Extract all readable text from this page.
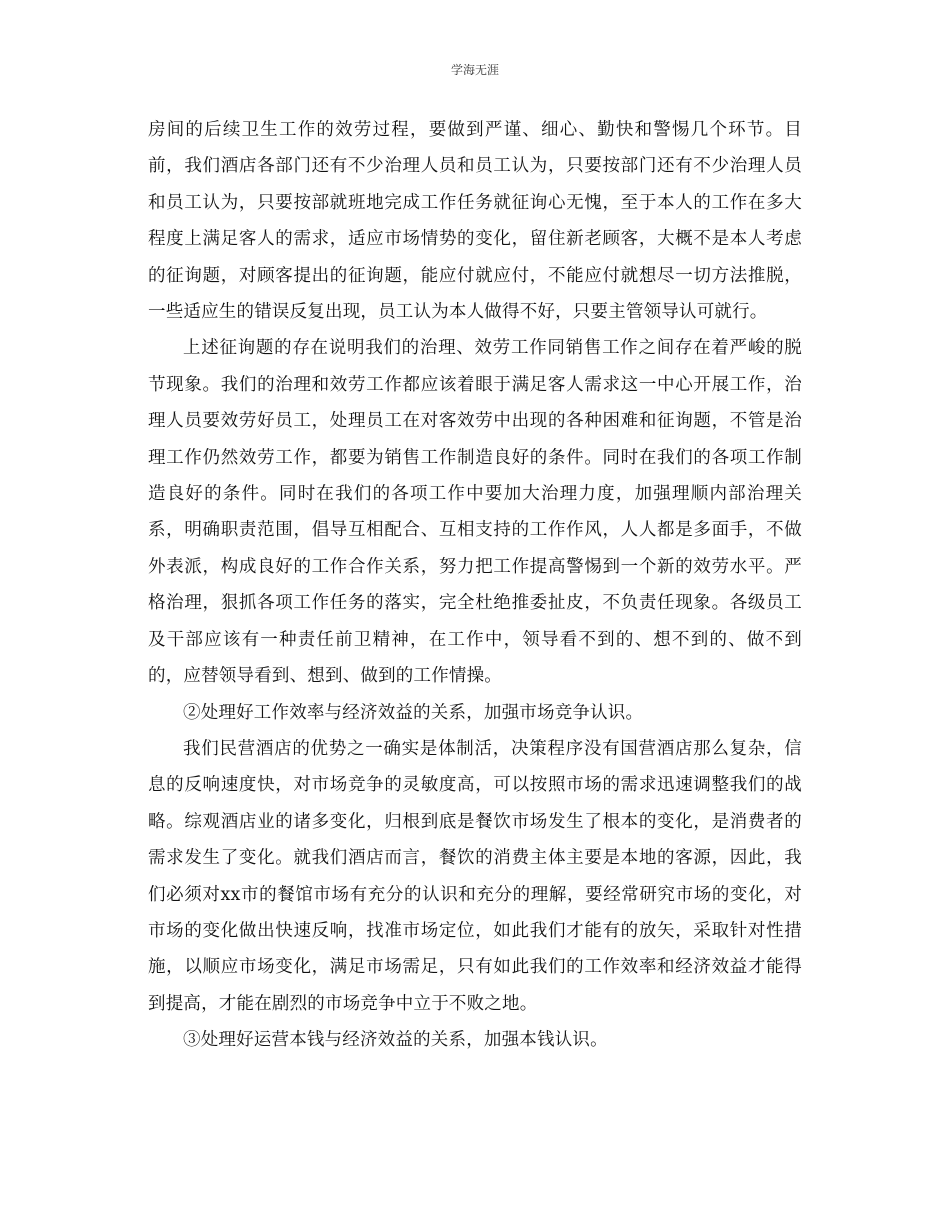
学海无涯

房间的后续卫生工作的效劳过程，要做到严谨、细心、勤快和警惕几个环节。目前，我们酒店各部门还有不少治理人员和员工认为，只要按部门还有不少治理人员和员工认为，只要按部就班地完成工作任务就征询心无愧，至于本人的工作在多大程度上满足客人的需求，适应市场情势的变化，留住新老顾客，大概不是本人考虑的征询题，对顾客提出的征询题，能应付就应付，不能应付就想尽一切方法推脱，一些适应生的错误反复出现，员工认为本人做得不好，只要主管领导认可就行。

上述征询题的存在说明我们的治理、效劳工作同销售工作之间存在着严峻的脱节现象。我们的治理和效劳工作都应该着眼于满足客人需求这一中心开展工作，治理人员要效劳好员工，处理员工在对客效劳中出现的各种困难和征询题，不管是治理工作仍然效劳工作，都要为销售工作制造良好的条件。同时在我们的各项工作制造良好的条件。同时在我们的各项工作中要加大治理力度，加强理顺内部治理关系，明确职责范围，倡导互相配合、互相支持的工作作风，人人都是多面手，不做外表派，构成良好的工作合作关系，努力把工作提高警惕到一个新的效劳水平。严格治理，狠抓各项工作任务的落实，完全杜绝推委扯皮，不负责任现象。各级员工及干部应该有一种责任前卫精神，在工作中，领导看不到的、想不到的、做不到的，应替领导看到、想到、做到的工作情操。

②处理好工作效率与经济效益的关系，加强市场竞争认识。

我们民营酒店的优势之一确实是体制活，决策程序没有国营酒店那么复杂，信息的反响速度快，对市场竞争的灵敏度高，可以按照市场的需求迅速调整我们的战略。综观酒店业的诸多变化，归根到底是餐饮市场发生了根本的变化，是消费者的需求发生了变化。就我们酒店而言，餐饮的消费主体主要是本地的客源，因此，我们必须对xx市的餐馆市场有充分的认识和充分的理解，要经常研究市场的变化，对市场的变化做出快速反响，找准市场定位，如此我们才能有的放矢，采取针对性措施，以顺应市场变化，满足市场需足，只有如此我们的工作效率和经济效益才能得到提高，才能在剧烈的市场竞争中立于不败之地。

③处理好运营本钱与经济效益的关系，加强本钱认识。
